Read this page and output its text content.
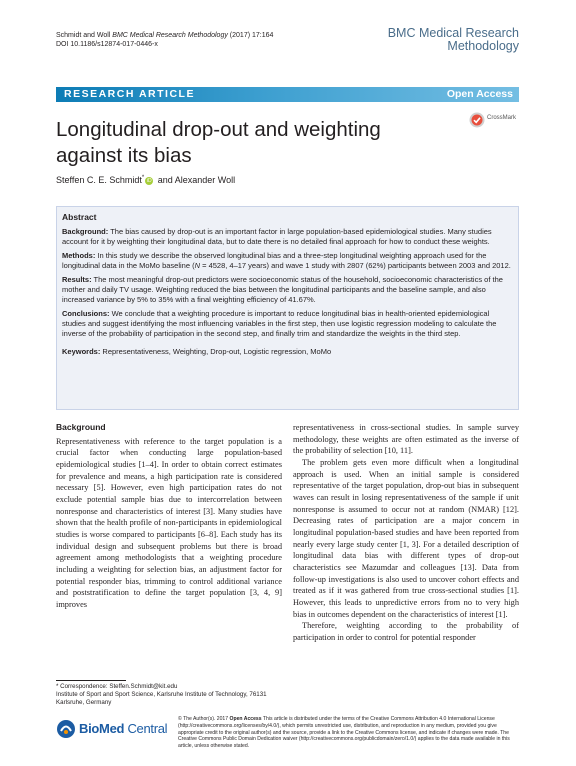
Schmidt and Woll BMC Medical Research Methodology (2017) 17:164
DOI 10.1186/s12874-017-0446-x
BMC Medical Research
Methodology
RESEARCH ARTICLE	Open Access
CrossMark
Longitudinal drop-out and weighting against its bias
Steffen C. E. Schmidt* iD and Alexander Woll
Abstract

Background: The bias caused by drop-out is an important factor in large population-based epidemiological studies. Many studies account for it by weighting their longitudinal data, but to date there is no detailed final approach for how to conduct these weights.

Methods: In this study we describe the observed longitudinal bias and a three-step longitudinal weighting approach used for the longitudinal data in the MoMo baseline (N = 4528, 4–17 years) and wave 1 study with 2807 (62%) participants between 2003 and 2012.

Results: The most meaningful drop-out predictors were socioeconomic status of the household, socioeconomic characteristics of the mother and daily TV usage. Weighting reduced the bias between the longitudinal participants and the baseline sample, and also increased variance by 5% to 35% with a final weighting efficiency of 41.67%.

Conclusions: We conclude that a weighting procedure is important to reduce longitudinal bias in health-oriented epidemiological studies and suggest identifying the most influencing variables in the first step, then use logistic regression modeling to calculate the inverse of the probability of participation in the second step, and finally trim and standardize the weights in the third step.

Keywords: Representativeness, Weighting, Drop-out, Logistic regression, MoMo

Background

Representativeness with reference to the target population is a crucial factor when conducting large population-based epidemiological studies [1–4]. In order to obtain correct estimates for prevalence and means, a high participation rate is considered necessary [5]. However, even high participation rates do not exclude potential sample bias due to intercorrelation between nonresponse and characteristics of interest [3]. Many studies have shown that the health profile of non-participants in epidemiological studies is worse compared to participants [6–8]. Each study has its individual design and subsequent problems but there is broad agreement among methodologists that a weighting procedure including a weighting for selection bias, an adjustment factor for potential responder bias, trimming to control additional variance and poststratification to define the target population [3, 4, 9] improves

representativeness in cross-sectional studies. In sample survey methodology, these weights are often estimated as the inverse of the probability of selection [10, 11].

The problem gets even more difficult when a longitudinal approach is used. When an initial sample is considered representative of the target population, drop-out bias in subsequent waves can result in losing representativeness of the sample if unit nonresponse is assumed to occur not at random (NMAR) [12]. Decreasing rates of participation are a major concern in longitudinal population-based studies and have been reported from nearly every large study center [1, 3]. For a detailed description of longitudinal data bias with different types of drop-out characteristics see Mazumdar and colleagues [13]. Data from follow-up investigations is also used to uncover cohort effects and treated as if it was gathered from true cross-sectional studies [1]. However, this leads to unpredictive errors from no to very high bias in outcomes dependent on the characteristics of interest [1].

Therefore, weighting according to the probability of participation in order to control for potential responder

* Correspondence: Steffen.Schmidt@kit.edu
Institute of Sport and Sport Science, Karlsruhe Institute of Technology, 76131 Karlsruhe, Germany
BioMed Central
© The Author(s). 2017 Open Access This article is distributed under the terms of the Creative Commons Attribution 4.0 International License (http://creativecommons.org/licenses/by/4.0/), which permits unrestricted use, distribution, and reproduction in any medium, provided you give appropriate credit to the original author(s) and the source, provide a link to the Creative Commons license, and indicate if changes were made. The Creative Commons Public Domain Dedication waiver (http://creativecommons.org/publicdomain/zero/1.0/) applies to the data made available in this article, unless otherwise stated.
